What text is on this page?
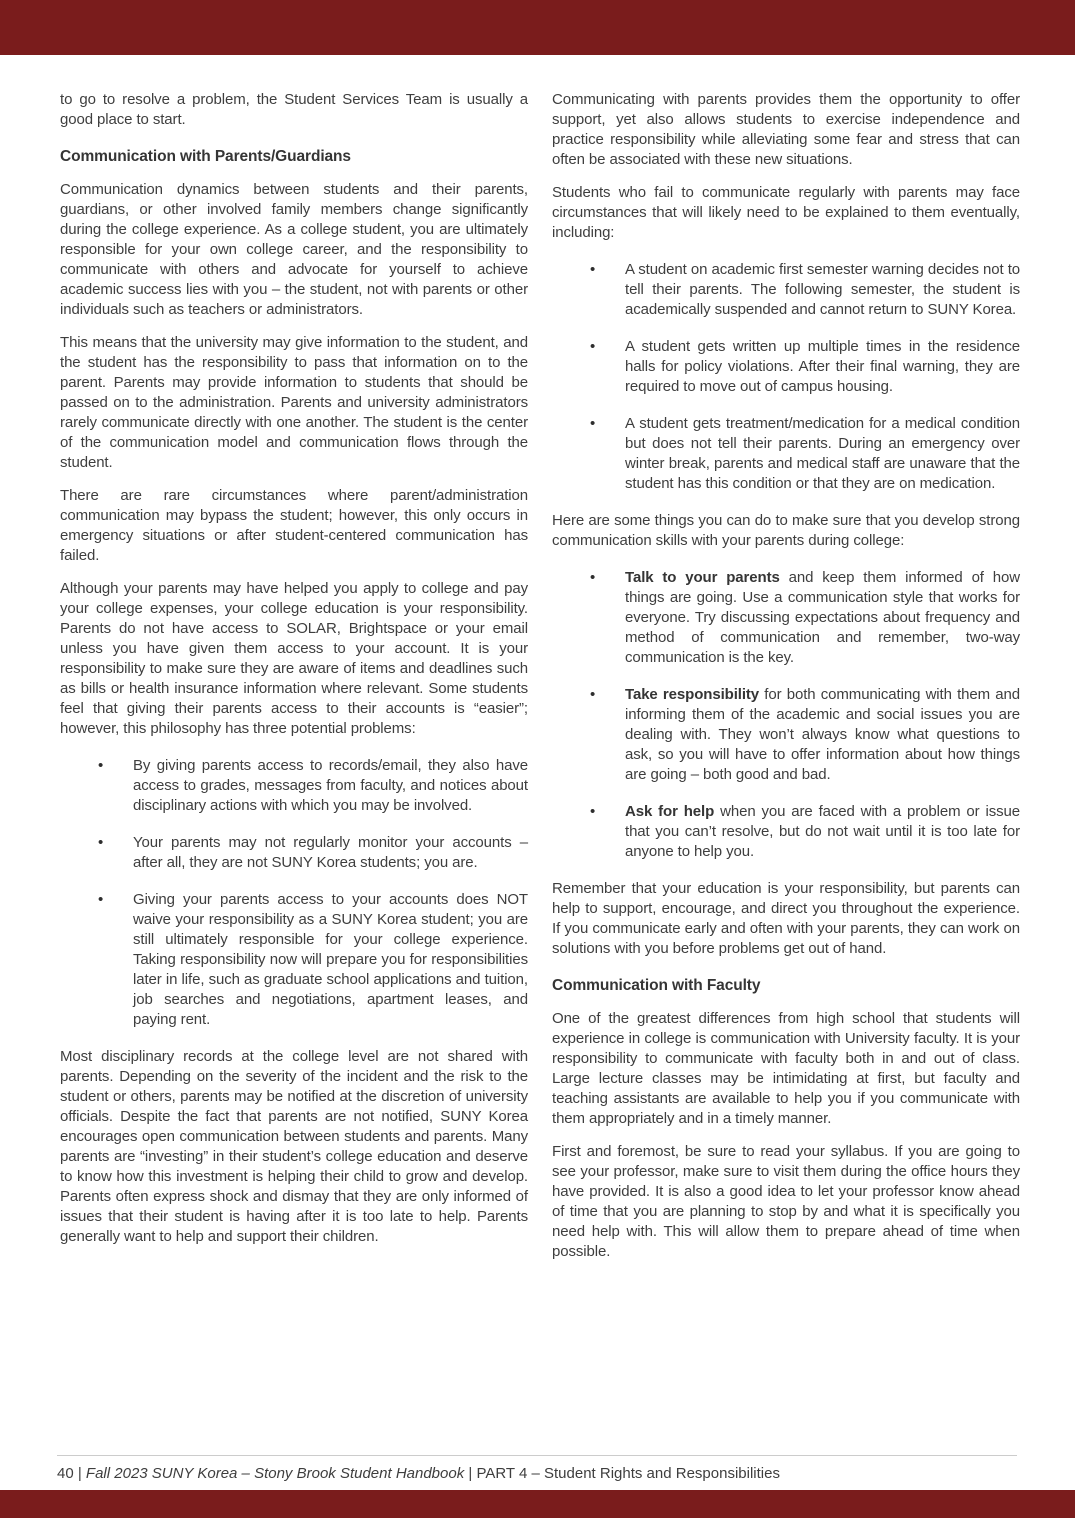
to go to resolve a problem, the Student Services Team is usually a good place to start.

Communication with Parents/Guardians

Communication dynamics between students and their parents, guardians, or other involved family members change significantly during the college experience. As a college student, you are ultimately responsible for your own college career, and the responsibility to communicate with others and advocate for yourself to achieve academic success lies with you – the student, not with parents or other individuals such as teachers or administrators.

This means that the university may give information to the student, and the student has the responsibility to pass that information on to the parent. Parents may provide information to students that should be passed on to the administration. Parents and university administrators rarely communicate directly with one another. The student is the center of the communication model and communication flows through the student.

There are rare circumstances where parent/administration communication may bypass the student; however, this only occurs in emergency situations or after student-centered communication has failed.

Although your parents may have helped you apply to college and pay your college expenses, your college education is your responsibility. Parents do not have access to SOLAR, Brightspace or your email unless you have given them access to your account. It is your responsibility to make sure they are aware of items and deadlines such as bills or health insurance information where relevant. Some students feel that giving their parents access to their accounts is “easier”; however, this philosophy has three potential problems:

• By giving parents access to records/email, they also have access to grades, messages from faculty, and notices about disciplinary actions with which you may be involved.
• Your parents may not regularly monitor your accounts – after all, they are not SUNY Korea students; you are.
• Giving your parents access to your accounts does NOT waive your responsibility as a SUNY Korea student; you are still ultimately responsible for your college experience. Taking responsibility now will prepare you for responsibilities later in life, such as graduate school applications and tuition, job searches and negotiations, apartment leases, and paying rent.

Most disciplinary records at the college level are not shared with parents. Depending on the severity of the incident and the risk to the student or others, parents may be notified at the discretion of university officials. Despite the fact that parents are not notified, SUNY Korea encourages open communication between students and parents. Many parents are “investing” in their student’s college education and deserve to know how this investment is helping their child to grow and develop. Parents often express shock and dismay that they are only informed of issues that their student is having after it is too late to help. Parents generally want to help and support their children.

Communicating with parents provides them the opportunity to offer support, yet also allows students to exercise independence and practice responsibility while alleviating some fear and stress that can often be associated with these new situations.

Students who fail to communicate regularly with parents may face circumstances that will likely need to be explained to them eventually, including:

• A student on academic first semester warning decides not to tell their parents. The following semester, the student is academically suspended and cannot return to SUNY Korea.
• A student gets written up multiple times in the residence halls for policy violations. After their final warning, they are required to move out of campus housing.
• A student gets treatment/medication for a medical condition but does not tell their parents. During an emergency over winter break, parents and medical staff are unaware that the student has this condition or that they are on medication.

Here are some things you can do to make sure that you develop strong communication skills with your parents during college:

• Talk to your parents and keep them informed of how things are going. Use a communication style that works for everyone. Try discussing expectations about frequency and method of communication and remember, two-way communication is the key.
• Take responsibility for both communicating with them and informing them of the academic and social issues you are dealing with. They won’t always know what questions to ask, so you will have to offer information about how things are going – both good and bad.
• Ask for help when you are faced with a problem or issue that you can’t resolve, but do not wait until it is too late for anyone to help you.

Remember that your education is your responsibility, but parents can help to support, encourage, and direct you throughout the experience. If you communicate early and often with your parents, they can work on solutions with you before problems get out of hand.

Communication with Faculty

One of the greatest differences from high school that students will experience in college is communication with University faculty. It is your responsibility to communicate with faculty both in and out of class. Large lecture classes may be intimidating at first, but faculty and teaching assistants are available to help you if you communicate with them appropriately and in a timely manner.

First and foremost, be sure to read your syllabus. If you are going to see your professor, make sure to visit them during the office hours they have provided. It is also a good idea to let your professor know ahead of time that you are planning to stop by and what it is specifically you need help with. This will allow them to prepare ahead of time when possible.

40 | Fall 2023 SUNY Korea – Stony Brook Student Handbook | PART 4 – Student Rights and Responsibilities
